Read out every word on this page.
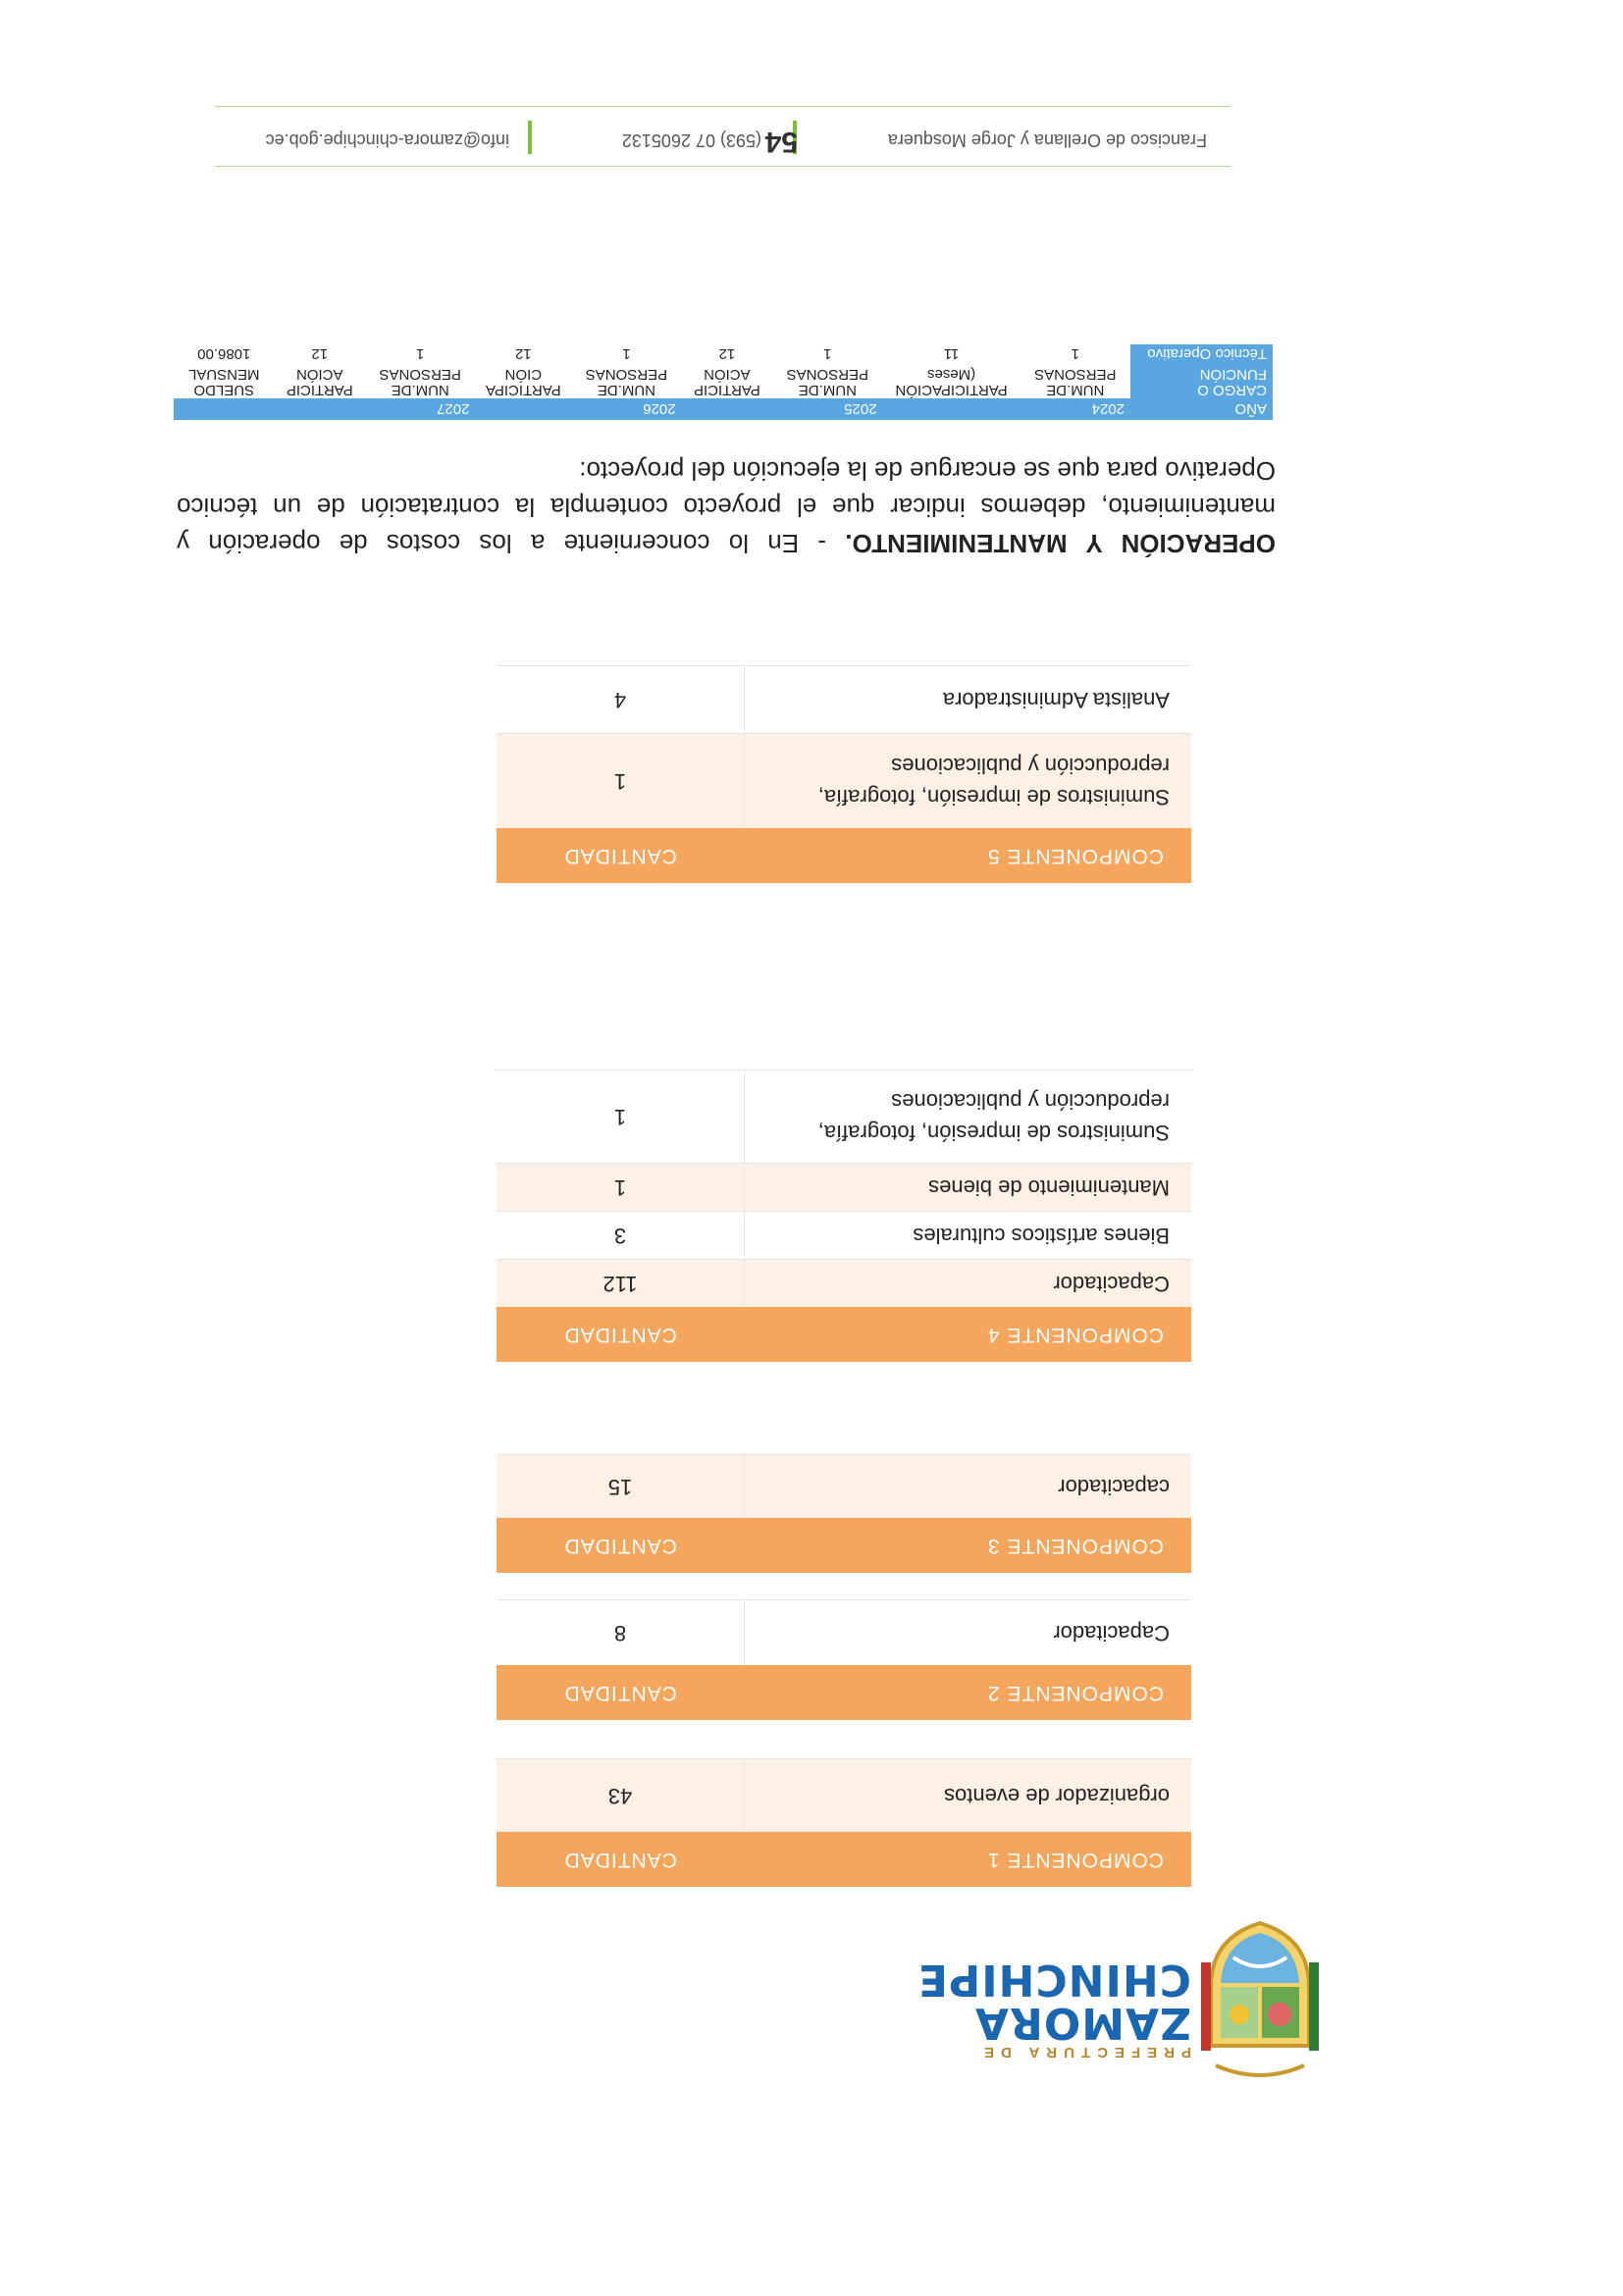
PREFECTURA DE
ZAMORA
CHINCHIPE
COMPONENTE 1	CANTIDAD
organizador de eventos	43
COMPONENTE 2	CANTIDAD
Capacitador	8
COMPONENTE 3	CANTIDAD
capacitador	15
COMPONENTE 4	CANTIDAD
Capacitador	112
Bienes artísticos culturales	3
Mantenimiento de bienes	1
Suministros de impresión, fotografía, reproducción y publicaciones	1
COMPONENTE 5	CANTIDAD
Suministros de impresión, fotografía, reproducción y publicaciones	1
Analista Administradora	4
OPERACIÓN Y MANTENIMIENTO. - En lo concerniente a los costos de operación y mantenimiento, debemos indicar que el proyecto contempla la contratación de un técnico Operativo para que se encargue de la ejecución del proyecto:
AÑO	2024		2025		2026		2027		
CARGO O FUNCIÓN	NUM.DE PERSONAS	PARTICIPACIÓN (Meses	NUM.DE PERSONAS	PARTICIP ACIÓN	NUM.DE PERSONAS	PARTICIPA CIÓN	NUM.DE PERSONAS	PARTICIP ACIÓN	SUELDO MENSUAL
Técnico Operativo	1	11	1	12	1	12	1	12	1086.00
Francisco de Orellana y Jorge Mosquera
(593) 07 2605132 54
info@zamora-chinchipe.gob.ec
